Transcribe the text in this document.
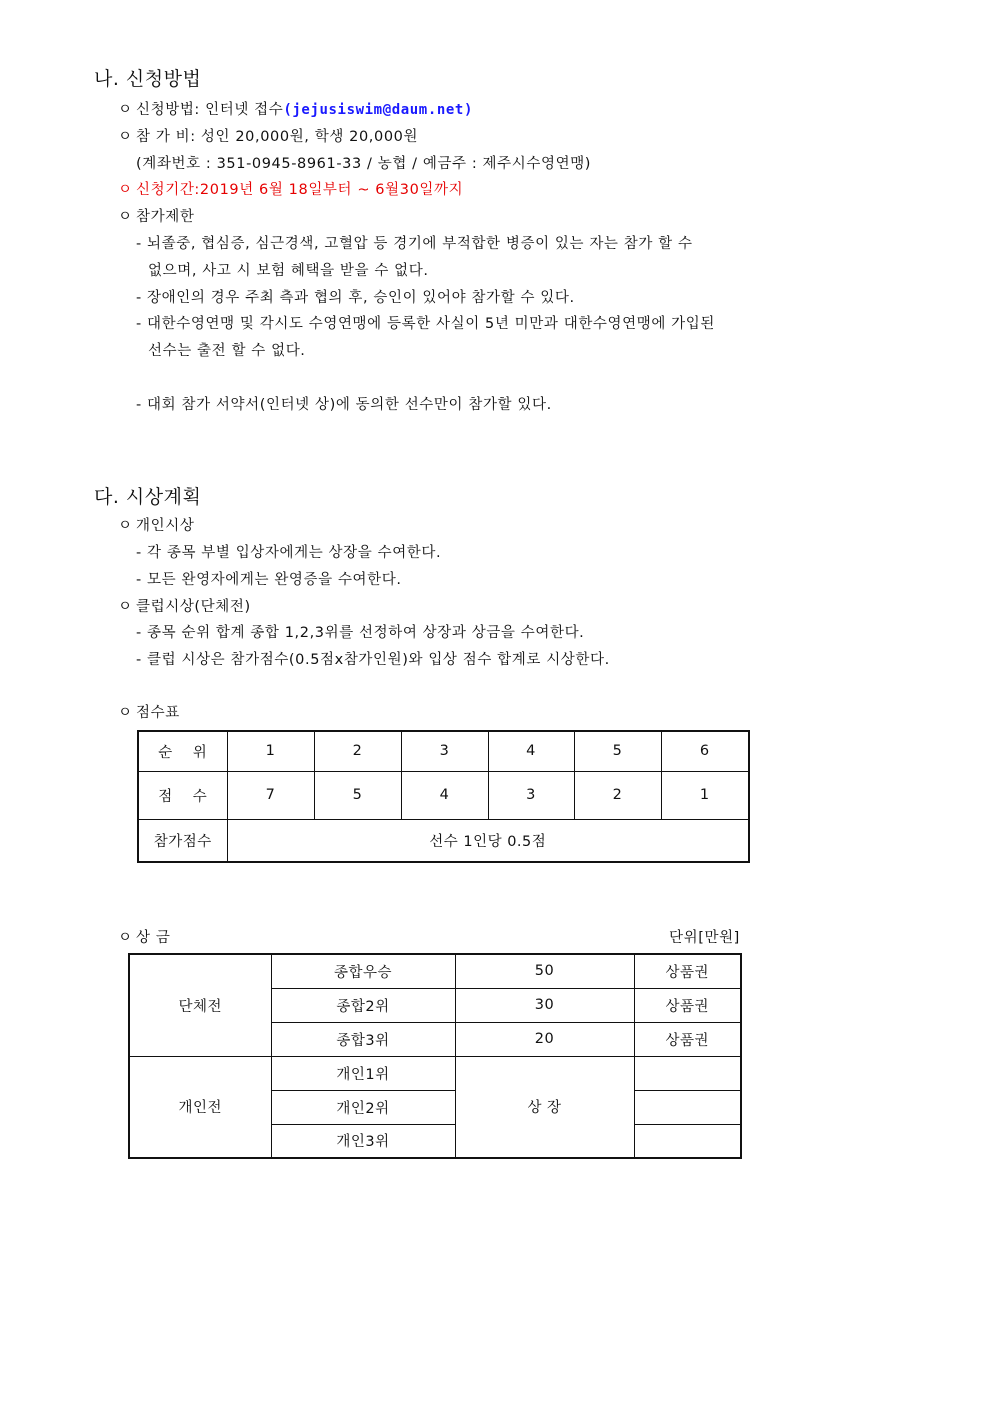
나. 신청방법
ㅇ 신청방법: 인터넷 접수(jejusiswim@daum.net)
ㅇ 참 가 비: 성인 20,000원, 학생 20,000원
(계좌번호 : 351-0945-8961-33 / 농협 / 예금주 : 제주시수영연맹)
ㅇ 신청기간:2019년 6월 18일부터 ~ 6월30일까지
ㅇ 참가제한
- 뇌졸중, 협심증, 심근경색, 고혈압 등 경기에 부적합한 병증이 있는 자는 참가 할 수
없으며, 사고 시 보험 혜택을 받을 수 없다.
- 장애인의 경우 주최 측과 협의 후, 승인이 있어야 참가할 수 있다.
- 대한수영연맹 및 각시도 수영연맹에 등록한 사실이 5년 미만과 대한수영연맹에 가입된
선수는 출전 할 수 없다.
- 대회 참가 서약서(인터넷 상)에 동의한 선수만이 참가할 있다.
다. 시상계획
ㅇ 개인시상
- 각 종목 부별 입상자에게는 상장을 수여한다.
- 모든 완영자에게는 완영증을 수여한다.
ㅇ 클럽시상(단체전)
- 종목 순위 합계 종합 1,2,3위를 선정하여 상장과 상금을 수여한다.
- 클럽 시상은 참가점수(0.5점x참가인원)와 입상 점수 합계로 시상한다.
ㅇ 점수표
순　 위	1	2	3	4	5	6
점　 수	7	5	4	3	2	1
참가점수	선수 1인당 0.5점					
ㅇ 상 금	단위[만원]
단체전	종합우승	50	상품권
	종합2위	30	상품권
	종합3위	20	상품권
개인전	개인1위	상 장	
	개인2위		
	개인3위		
